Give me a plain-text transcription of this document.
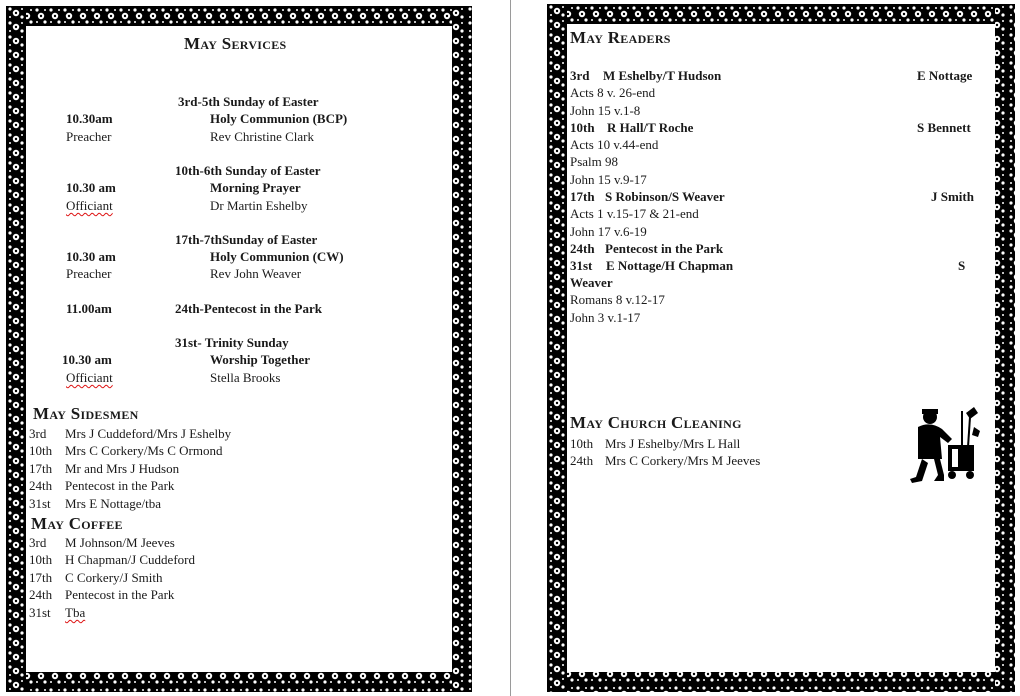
May Services
3rd-5th Sunday of Easter
10.30am	Holy Communion (BCP)
Preacher	Rev Christine Clark
10th-6th Sunday of Easter
10.30 am	Morning Prayer
Officiant	Dr Martin Eshelby
17th-7thSunday of Easter
10.30 am	Holy Communion (CW)
Preacher	Rev John Weaver
11.00am	24th-Pentecost in the Park
31st- Trinity Sunday
10.30 am	Worship Together
Officiant	Stella Brooks
May Sidesmen
3rd Mrs J Cuddeford/Mrs J Eshelby
10th Mrs C Corkery/Ms C Ormond
17th Mr and Mrs J Hudson
24th Pentecost in the Park
31st Mrs E Nottage/tba
May Coffee
3rd M Johnson/M Jeeves
10th H Chapman/J Cuddeford
17th C Corkery/J Smith
24th Pentecost in the Park
31st Tba
May Readers
3rd M Eshelby/T Hudson	E Nottage
Acts 8 v. 26-end
John 15 v.1-8
10th R Hall/T Roche	S Bennett
Acts 10 v.44-end
Psalm 98
John 15 v.9-17
17th S Robinson/S Weaver	J Smith
Acts 1 v.15-17 & 21-end
John 17 v.6-19
24th Pentecost in the Park
31st E Nottage/H Chapman	S
Weaver
Romans 8 v.12-17
John 3 v.1-17
May Church Cleaning
10th Mrs J Eshelby/Mrs L Hall
24th Mrs C Corkery/Mrs M Jeeves
